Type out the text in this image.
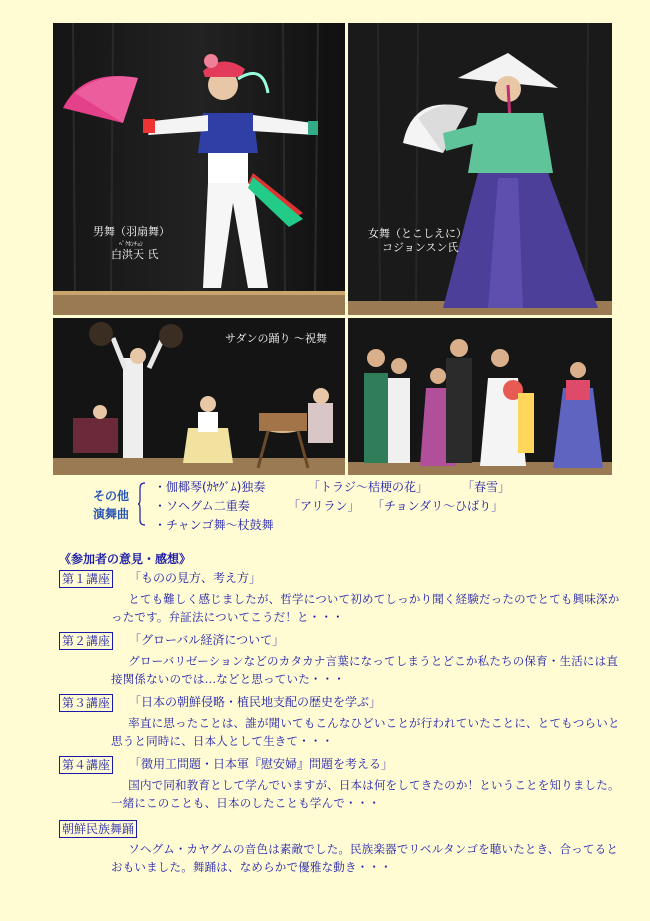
男舞（羽扇舞）
ﾍﾟｸﾎﾝﾁｮﾝ
白洪天 氏
女舞（とこしえに）
コジョンスン氏
サダンの踊り ～祝舞
その他
演舞曲
・伽椰琴(ｶﾔｸﾞﾑ)独奏	「トラジ～桔梗の花」	「春雪」
・ソヘグム二重奏	「アリラン」 「チョンダリ～ひばり」
・チャンゴ舞～杖鼓舞
《参加者の意見・感想》
第１講座 「ものの見方、考え方」
とても難しく感じましたが、哲学について初めてしっかり聞く経験だったのでとても興味深かったです。弁証法についてこうだ！と・・・
第２講座 「グローバル経済について」
グローバリゼーションなどのカタカナ言葉になってしまうとどこか私たちの保育・生活には直接関係ないのでは…などと思っていた・・・
第３講座 「日本の朝鮮侵略・植民地支配の歴史を学ぶ」
率直に思ったことは、誰が聞いてもこんなひどいことが行われていたことに、とてもつらいと思うと同時に、日本人として生きて・・・
第４講座 「徴用工問題・日本軍『慰安婦』問題を考える」
国内で同和教育として学んでいますが、日本は何をしてきたのか！ということを知りました。一緒にこのことも、日本のしたことも学んで・・・
朝鮮民族舞踊
ソヘグム・カヤグムの音色は素敵でした。民族楽器でリベルタンゴを聴いたとき、合ってるとおもいました。舞踊は、なめらかで優雅な動き・・・
